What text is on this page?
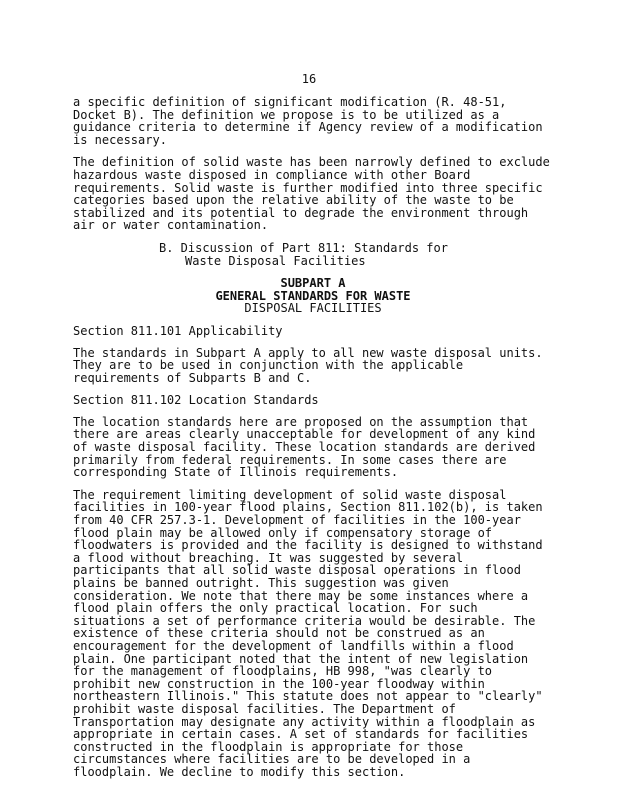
16

a specific definition of significant modification (R. 48-51, Docket B). The definition we propose is to be utilized as a guidance criteria to determine if Agency review of a modification is necessary.

The definition of solid waste has been narrowly defined to exclude hazardous waste disposed in compliance with other Board requirements. Solid waste is further modified into three specific categories based upon the relative ability of the waste to be stabilized and its potential to degrade the environment through air or water contamination.

B. Discussion of Part 811: Standards for
Waste Disposal Facilities

SUBPART A
GENERAL STANDARDS FOR WASTE
DISPOSAL FACILITIES

Section 811.101 Applicability

The standards in Subpart A apply to all new waste disposal units. They are to be used in conjunction with the applicable requirements of Subparts B and C.

Section 811.102 Location Standards

The location standards here are proposed on the assumption that there are areas clearly unacceptable for development of any kind of waste disposal facility. These location standards are derived primarily from federal requirements. In some cases there are corresponding State of Illinois requirements.

The requirement limiting development of solid waste disposal facilities in 100-year flood plains, Section 811.102(b), is taken from 40 CFR 257.3-1. Development of facilities in the 100-year flood plain may be allowed only if compensatory storage of floodwaters is provided and the facility is designed to withstand a flood without breaching. It was suggested by several participants that all solid waste disposal operations in flood plains be banned outright. This suggestion was given consideration. We note that there may be some instances where a flood plain offers the only practical location. For such situations a set of performance criteria would be desirable. The existence of these criteria should not be construed as an encouragement for the development of landfills within a flood plain. One participant noted that the intent of new legislation for the management of floodplains, HB 998, "was clearly to prohibit new construction in the 100-year floodway within northeastern Illinois." This statute does not appear to "clearly" prohibit waste disposal facilities. The Department of Transportation may designate any activity within a floodplain as appropriate in certain cases. A set of standards for facilities constructed in the floodplain is appropriate for those circumstances where facilities are to be developed in a floodplain. We decline to modify this section.
